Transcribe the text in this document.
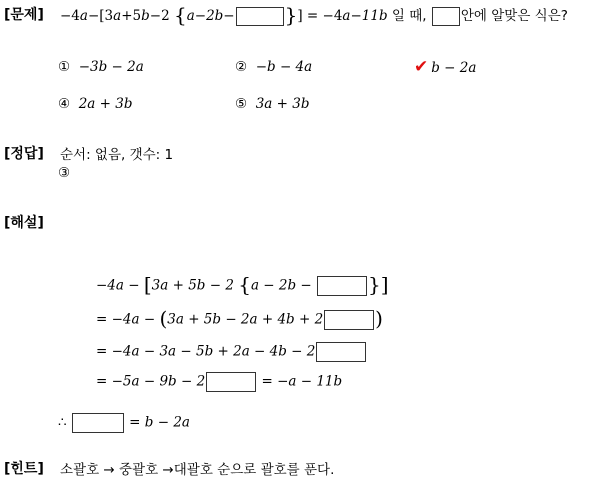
[문제] −4a−[3a+5b−2 {a−2b−	}] = −4a−11b 일 때, 안에 알맞은 식은?
① −3b − 2a	② −b − 4a	✔ b − 2a
④ 2a + 3b	⑤ 3a + 3b
[정답] 순서: 없음, 갯수: 1
③
[해설]
−4a − [3a + 5b − 2 {a − 2b −	}]
= −4a − (3a + 5b − 2a + 4b + 2	)
= −4a − 3a − 5b + 2a − 4b − 2
= −5a − 9b − 2	= −a − 11b
∴	= b − 2a
[힌트] 소괄호 → 중괄호 →대괄호 순으로 괄호를 푼다.
